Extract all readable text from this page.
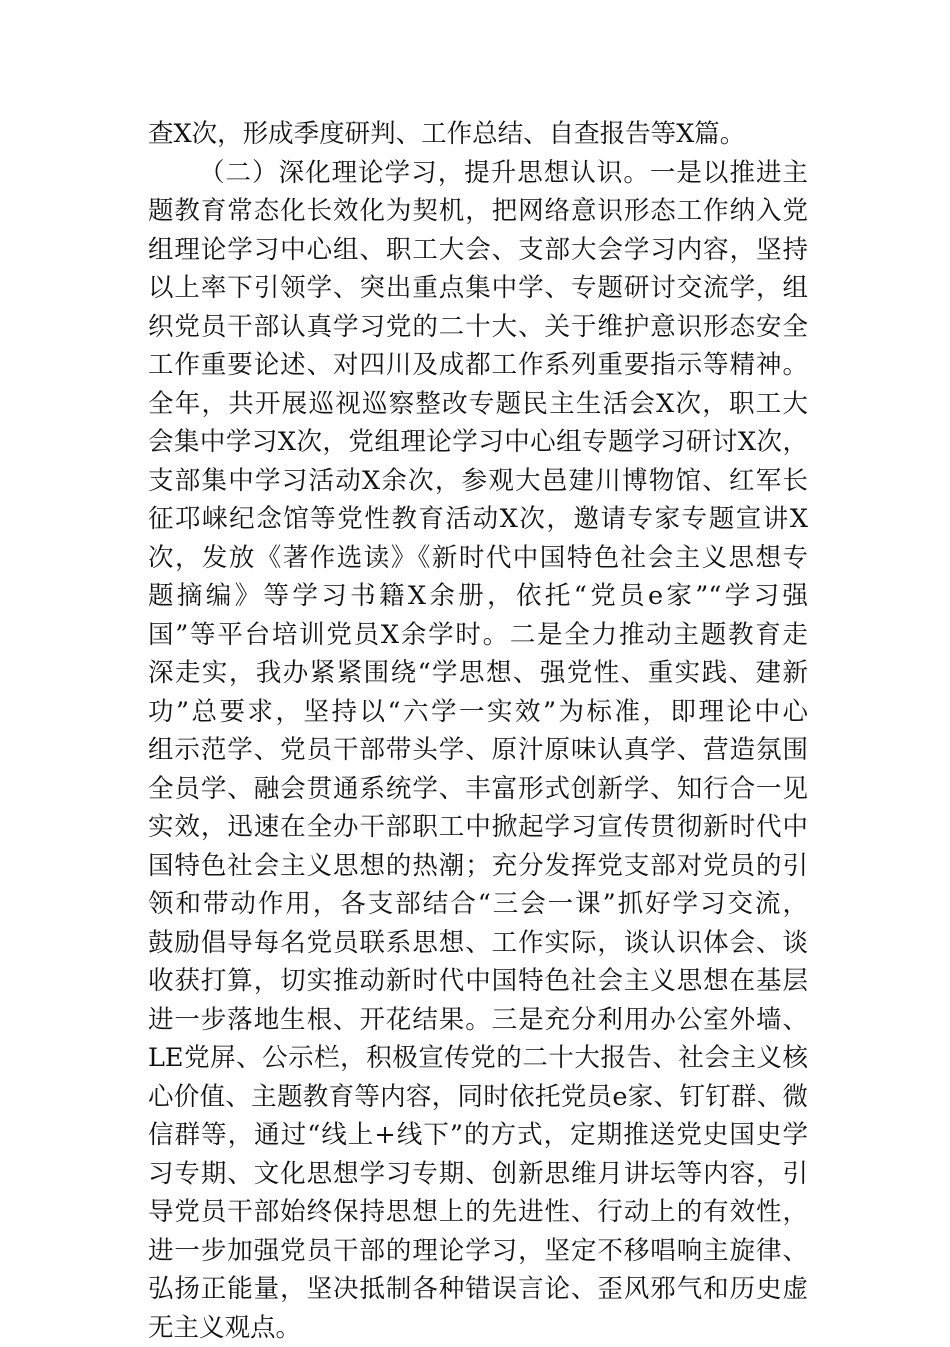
查X次，形成季度研判、工作总结、自查报告等X篇。
（二）深化理论学习，提升思想认识。一是以推进主
题教育常态化长效化为契机，把网络意识形态工作纳入党
组理论学习中心组、职工大会、支部大会学习内容，坚持
以上率下引领学、突出重点集中学、专题研讨交流学，组
织党员干部认真学习党的二十大、关于维护意识形态安全
工作重要论述、对四川及成都工作系列重要指示等精神。
全年，共开展巡视巡察整改专题民主生活会X次，职工大
会集中学习X次，党组理论学习中心组专题学习研讨X次，
支部集中学习活动X余次，参观大邑建川博物馆、红军长
征邛崃纪念馆等党性教育活动X次，邀请专家专题宣讲X
次，发放《著作选读》《新时代中国特色社会主义思想专
题摘编》等学习书籍X余册，依托“党员e家”“学习强
国”等平台培训党员X余学时。二是全力推动主题教育走
深走实，我办紧紧围绕“学思想、强党性、重实践、建新
功”总要求，坚持以“六学一实效”为标准，即理论中心
组示范学、党员干部带头学、原汁原味认真学、营造氛围
全员学、融会贯通系统学、丰富形式创新学、知行合一见
实效，迅速在全办干部职工中掀起学习宣传贯彻新时代中
国特色社会主义思想的热潮；充分发挥党支部对党员的引
领和带动作用，各支部结合“三会一课”抓好学习交流，
鼓励倡导每名党员联系思想、工作实际，谈认识体会、谈
收获打算，切实推动新时代中国特色社会主义思想在基层
进一步落地生根、开花结果。三是充分利用办公室外墙、
LE党屏、公示栏，积极宣传党的二十大报告、社会主义核
心价值、主题教育等内容，同时依托党员e家、钉钉群、微
信群等，通过“线上+线下”的方式，定期推送党史国史学
习专期、文化思想学习专期、创新思维月讲坛等内容，引
导党员干部始终保持思想上的先进性、行动上的有效性，
进一步加强党员干部的理论学习，坚定不移唱响主旋律、
弘扬正能量，坚决抵制各种错误言论、歪风邪气和历史虚
无主义观点。
